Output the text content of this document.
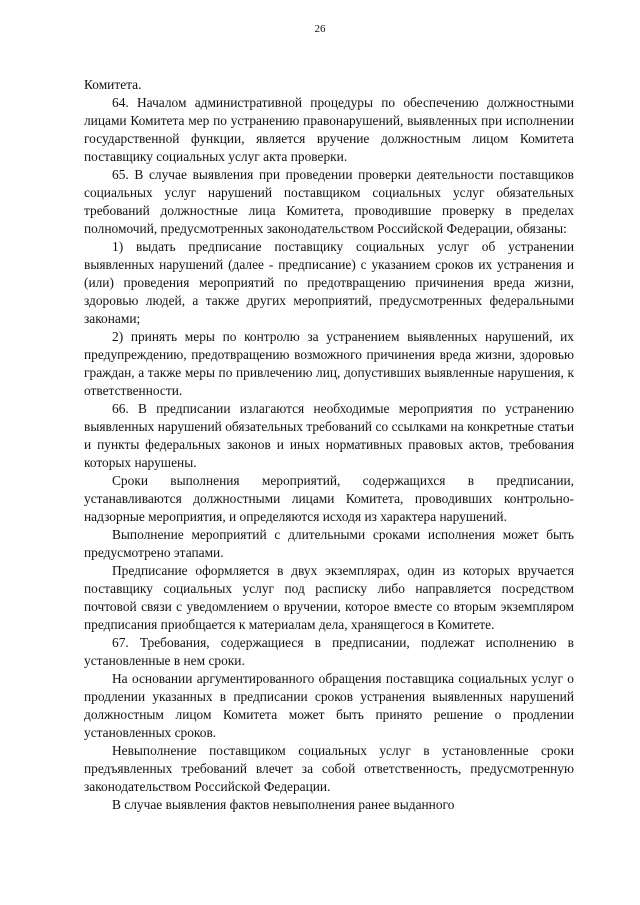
26

Комитета.

64. Началом административной процедуры по обеспечению должностными лицами Комитета мер по устранению правонарушений, выявленных при исполнении государственной функции, является вручение должностным лицом Комитета поставщику социальных услуг акта проверки.

65. В случае выявления при проведении проверки деятельности поставщиков социальных услуг нарушений поставщиком социальных услуг обязательных требований должностные лица Комитета, проводившие проверку в пределах полномочий, предусмотренных законодательством Российской Федерации, обязаны:

1) выдать предписание поставщику социальных услуг об устранении выявленных нарушений (далее - предписание) с указанием сроков их устранения и (или) проведения мероприятий по предотвращению причинения вреда жизни, здоровью людей, а также других мероприятий, предусмотренных федеральными законами;

2) принять меры по контролю за устранением выявленных нарушений, их предупреждению, предотвращению возможного причинения вреда жизни, здоровью граждан, а также меры по привлечению лиц, допустивших выявленные нарушения, к ответственности.

66. В предписании излагаются необходимые мероприятия по устранению выявленных нарушений обязательных требований со ссылками на конкретные статьи и пункты федеральных законов и иных нормативных правовых актов, требования которых нарушены.

Сроки выполнения мероприятий, содержащихся в предписании, устанавливаются должностными лицами Комитета, проводивших контрольно-надзорные мероприятия, и определяются исходя из характера нарушений.

Выполнение мероприятий с длительными сроками исполнения может быть предусмотрено этапами.

Предписание оформляется в двух экземплярах, один из которых вручается поставщику социальных услуг под расписку либо направляется посредством почтовой связи с уведомлением о вручении, которое вместе со вторым экземпляром предписания приобщается к материалам дела, хранящегося в Комитете.

67. Требования, содержащиеся в предписании, подлежат исполнению в установленные в нем сроки.

На основании аргументированного обращения поставщика социальных услуг о продлении указанных в предписании сроков устранения выявленных нарушений должностным лицом Комитета может быть принято решение о продлении установленных сроков.

Невыполнение поставщиком социальных услуг в установленные сроки предъявленных требований влечет за собой ответственность, предусмотренную законодательством Российской Федерации.

В случае выявления фактов невыполнения ранее выданного
